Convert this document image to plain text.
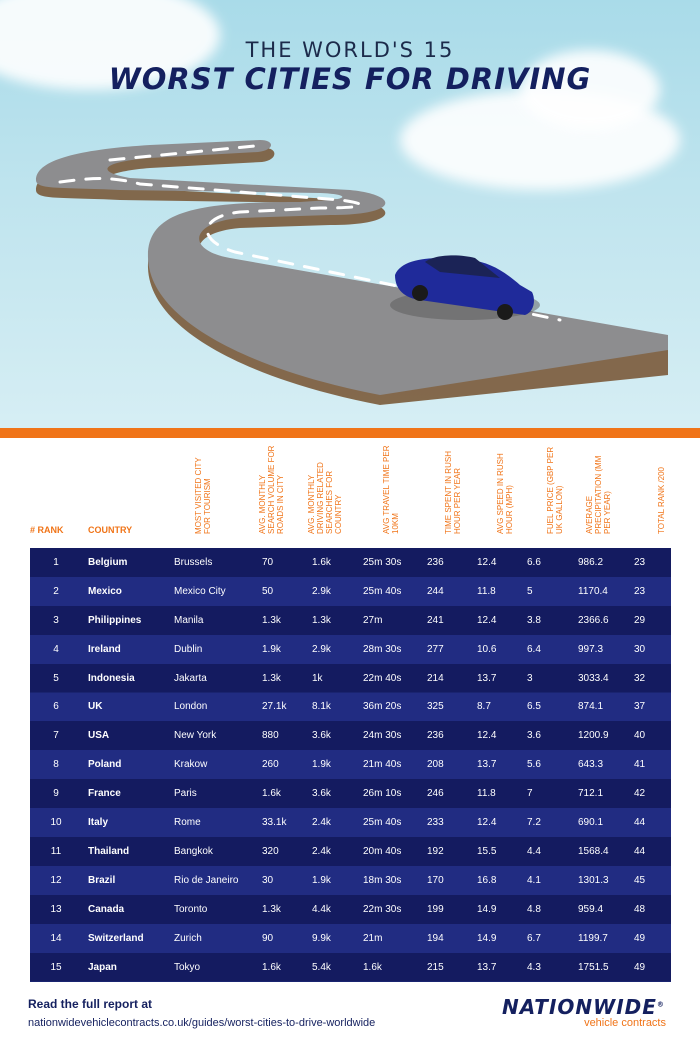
THE WORLD'S 15
WORST CITIES FOR DRIVING
# RANK	COUNTRY	MOST VISITED CITY FOR TOURISM	AVG. MONTHLY SEARCH VOLUME FOR ROADS IN CITY	AVG. MONTHLY DRIVING RELATED SEARCHES FOR COUNTRY	AVG TRAVEL TIME PER 10KM	TIME SPENT IN RUSH HOUR PER YEAR	AVG SPEED IN RUSH HOUR (MPH)	FUEL PRICE (GBP PER UK GALLON)	AVERAGE PRECIPITATION (MM PER YEAR)	TOTAL RANK /200
1	Belgium	Brussels	70	1.6k	25m 30s	236	12.4	6.6	986.2	23
2	Mexico	Mexico City	50	2.9k	25m 40s	244	11.8	5	1170.4	23
3	Philippines	Manila	1.3k	1.3k	27m	241	12.4	3.8	2366.6	29
4	Ireland	Dublin	1.9k	2.9k	28m 30s	277	10.6	6.4	997.3	30
5	Indonesia	Jakarta	1.3k	1k	22m 40s	214	13.7	3	3033.4	32
6	UK	London	27.1k	8.1k	36m 20s	325	8.7	6.5	874.1	37
7	USA	New York	880	3.6k	24m 30s	236	12.4	3.6	1200.9	40
8	Poland	Krakow	260	1.9k	21m 40s	208	13.7	5.6	643.3	41
9	France	Paris	1.6k	3.6k	26m 10s	246	11.8	7	712.1	42
10	Italy	Rome	33.1k	2.4k	25m 40s	233	12.4	7.2	690.1	44
11	Thailand	Bangkok	320	2.4k	20m 40s	192	15.5	4.4	1568.4	44
12	Brazil	Rio de Janeiro	30	1.9k	18m 30s	170	16.8	4.1	1301.3	45
13	Canada	Toronto	1.3k	4.4k	22m 30s	199	14.9	4.8	959.4	48
14	Switzerland	Zurich	90	9.9k	21m	194	14.9	6.7	1199.7	49
15	Japan	Tokyo	1.6k	5.4k	1.6k	215	13.7	4.3	1751.5	49
Read the full report at
nationwidevehiclecontracts.co.uk/guides/worst-cities-to-drive-worldwide
NATIONWIDE®
vehicle contracts
